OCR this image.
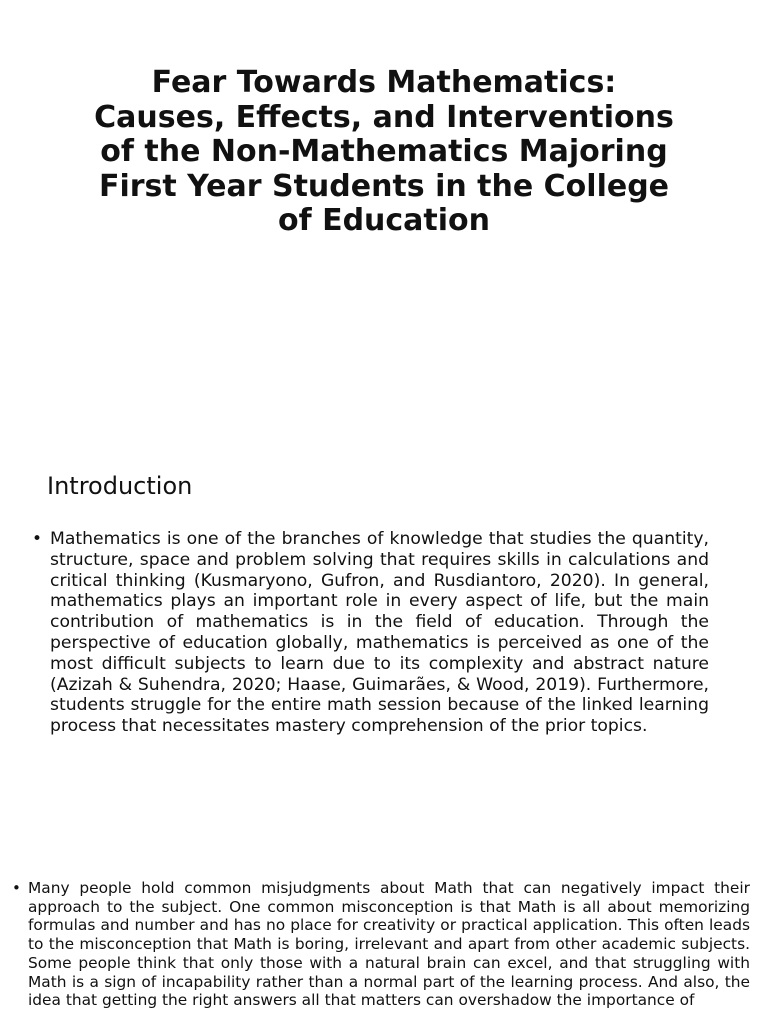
Fear Towards Mathematics: Causes, Effects, and Interventions of the Non-Mathematics Majoring First Year Students in the College of Education
Introduction
• Mathematics is one of the branches of knowledge that studies the quantity, structure, space and problem solving that requires skills in calculations and critical thinking (Kusmaryono, Gufron, and Rusdiantoro, 2020). In general, mathematics plays an important role in every aspect of life, but the main contribution of mathematics is in the field of education. Through the perspective of education globally, mathematics is perceived as one of the most difficult subjects to learn due to its complexity and abstract nature (Azizah & Suhendra, 2020; Haase, Guimarães, & Wood, 2019). Furthermore, students struggle for the entire math session because of the linked learning process that necessitates mastery comprehension of the prior topics.

• Many people hold common misjudgments about Math that can negatively impact their approach to the subject. One common misconception is that Math is all about memorizing formulas and number and has no place for creativity or practical application. This often leads to the misconception that Math is boring, irrelevant and apart from other academic subjects. Some people think that only those with a natural brain can excel, and that struggling with Math is a sign of incapability rather than a normal part of the learning process. And also, the idea that getting the right answers all that matters can overshadow the importance of
